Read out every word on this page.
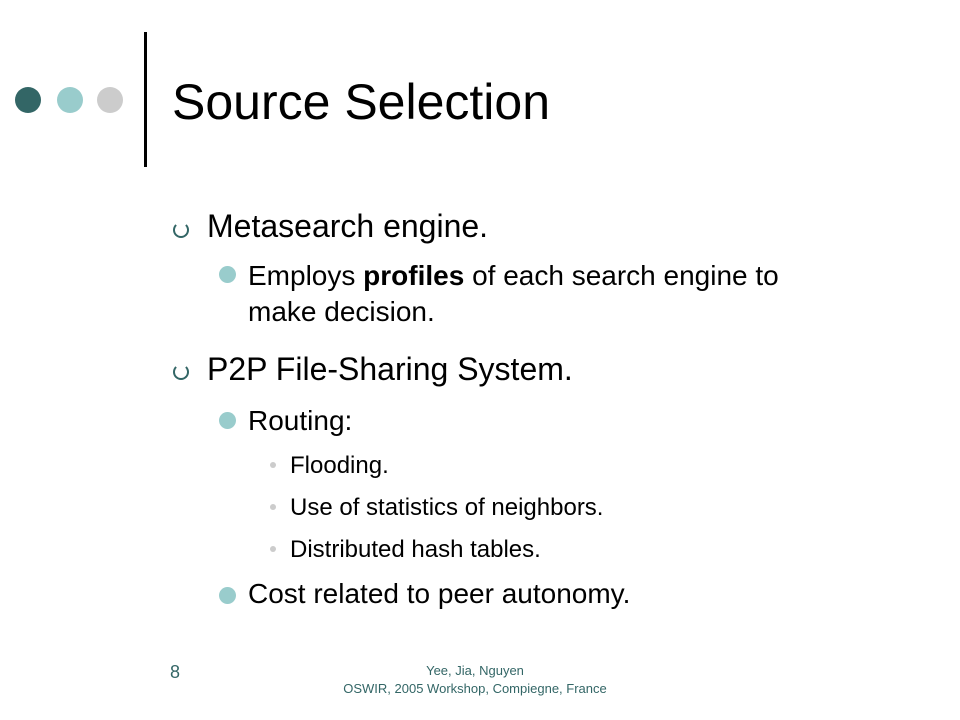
Source Selection
Metasearch engine.
Employs profiles of each search engine to make decision.
P2P File-Sharing System.
Routing:
Flooding.
Use of statistics of neighbors.
Distributed hash tables.
Cost related to peer autonomy.
8	Yee, Jia, Nguyen
OSWIR, 2005 Workshop, Compiegne, France
